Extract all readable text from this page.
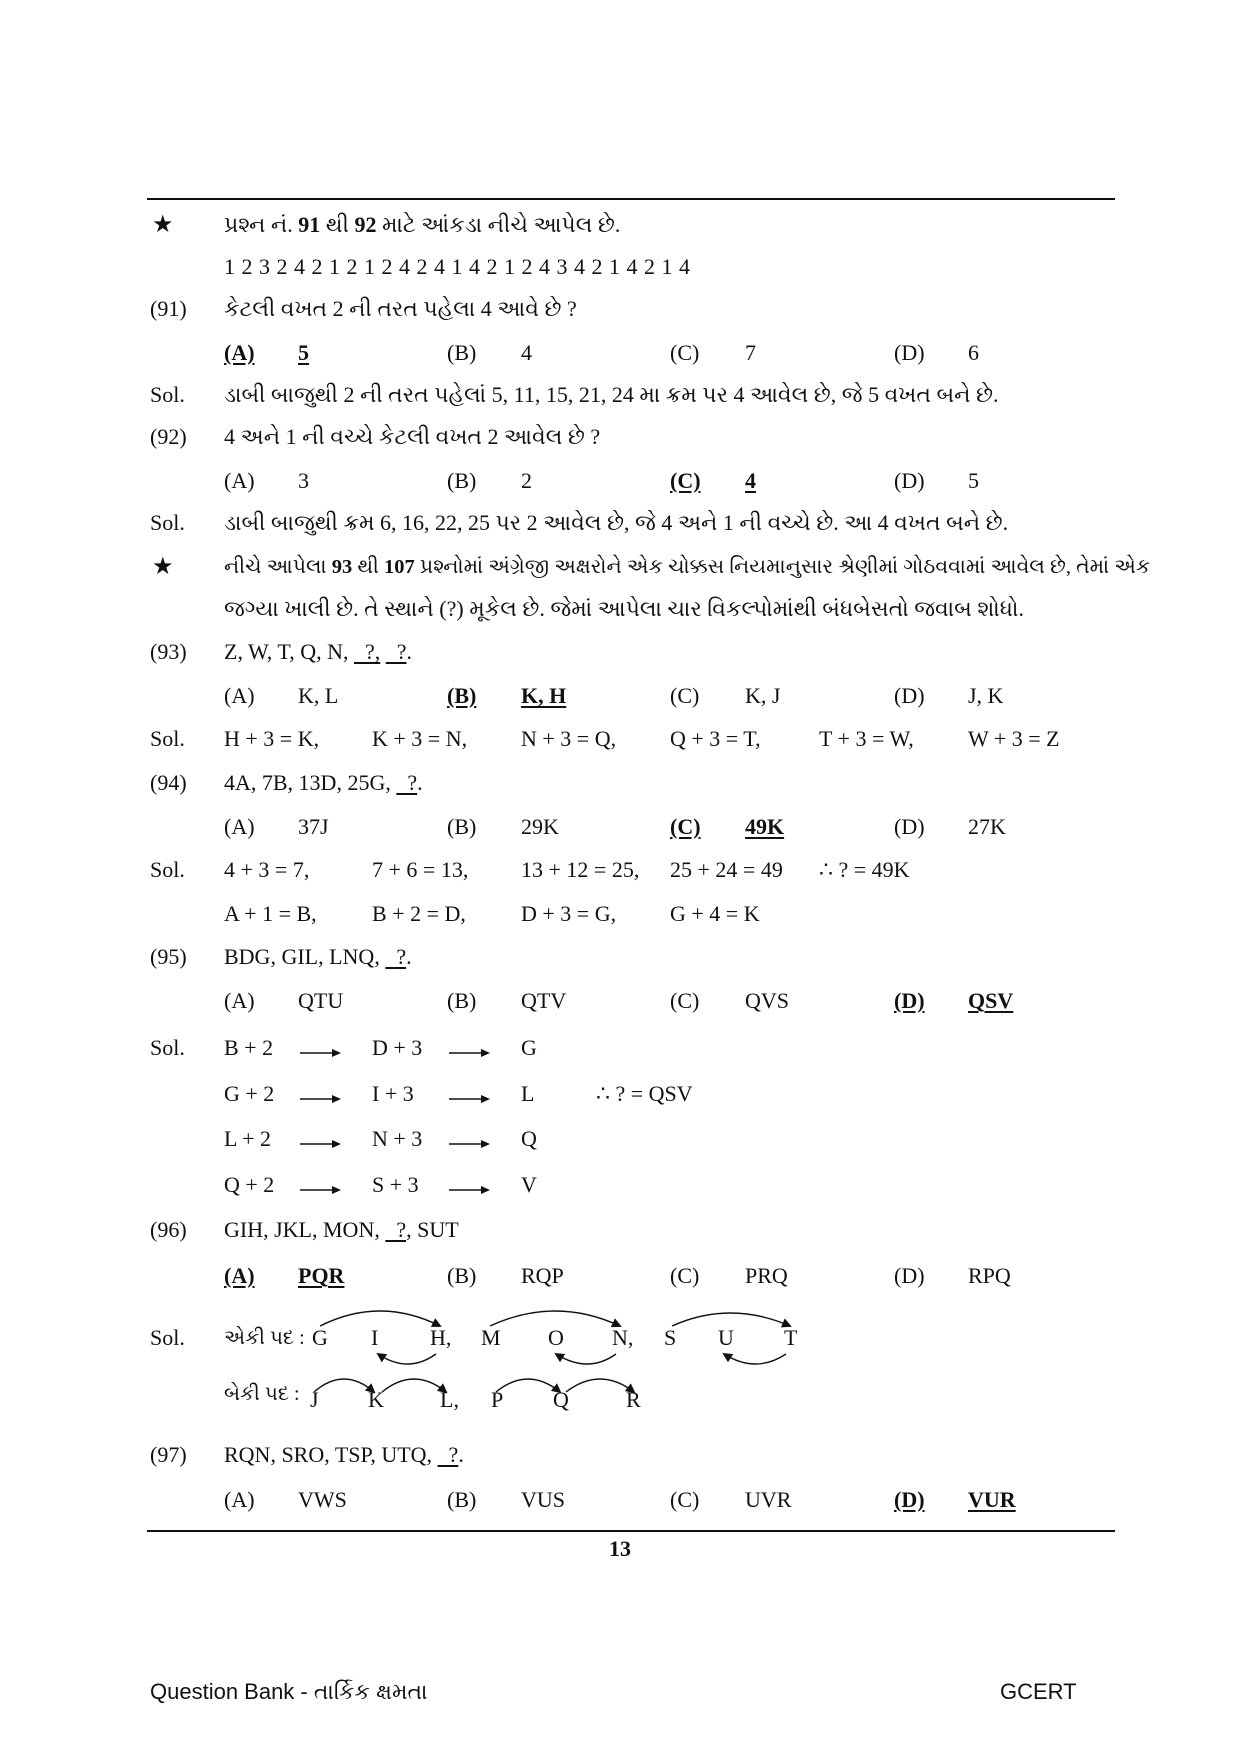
★ પ્રશ્ન નં. 91 થી 92 માટે આંકડા નીચે આપેલ છે.
1 2 3 2 4 2 1 2 1 2 4 2 4 1 4 2 1 2 4 3 4 2 1 4 2 1 4
(91) કેટલી વખત 2 ની તરત પહેલા 4 આવે છે ?
(A) 5	(B) 4	(C) 7	(D) 6
Sol. ડાબી બાજુથી 2 ની તરત પહેલાં 5, 11, 15, 21, 24 મા ક્રમ પર 4 આવેલ છે, જે 5 વખત બને છે.
(92) 4 અને 1 ની વચ્ચે કેટલી વખત 2 આવેલ છે ?
(A) 3	(B) 2	(C) 4	(D) 5
Sol. ડાબી બાજુથી ક્રમ 6, 16, 22, 25 પર 2 આવેલ છે, જે 4 અને 1 ની વચ્ચે છે. આ 4 વખત બને છે.
★ નીચે આપેલા 93 થી 107 પ્રશ્નોમાં અંગ્રેજી અક્ષરોને એક ચોક્કસ નિયમાનુસાર શ્રેણીમાં ગોઠવવામાં આવેલ છે, તેમાં એક
જગ્યા ખાલી છે. તે સ્થાને (?) મૂકેલ છે. જેમાં આપેલા ચાર વિકલ્પોમાંથી બંધબેસતો જવાબ શોધો.
(93) Z, W, T, Q, N,   ?,   ?.
(A) K, L	(B) K, H	(C) K, J	(D) J, K
Sol. H + 3 = K, K + 3 = N, N + 3 = Q, Q + 3 = T,	T + 3 = W, W + 3 = Z
(94) 4A, 7B, 13D, 25G,   ?.
(A) 37J	(B) 29K	(C) 49K	(D) 27K
Sol. 4 + 3 = 7,	7 + 6 = 13, 13 + 12 = 25, 25 + 24 = 49 ∴ ? = 49K
A + 1 = B,	B + 2 = D,	D + 3 = G, G + 4 = K
(95) BDG, GIL, LNQ,   ?.
(A) QTU	(B) QTV	(C) QVS	(D) QSV
Sol. B + 2	D + 3	G
G + 2	I + 3	L	∴ ? = QSV
L + 2	N + 3	Q
Q + 2	S + 3	V
(96) GIH, JKL, MON,   ?, SUT
(A) PQR	(B) RQP	(C) PRQ	(D) RPQ
Sol. એકી પદ : G I H, M O N, S U T
બેકી પદ : J K	L, P Q	R
(97) RQN, SRO, TSP, UTQ,   ?.
(A) VWS	(B) VUS	(C) UVR	(D) VUR
13
Question Bank - તાર્કિક ક્ષમતા	GCERT
